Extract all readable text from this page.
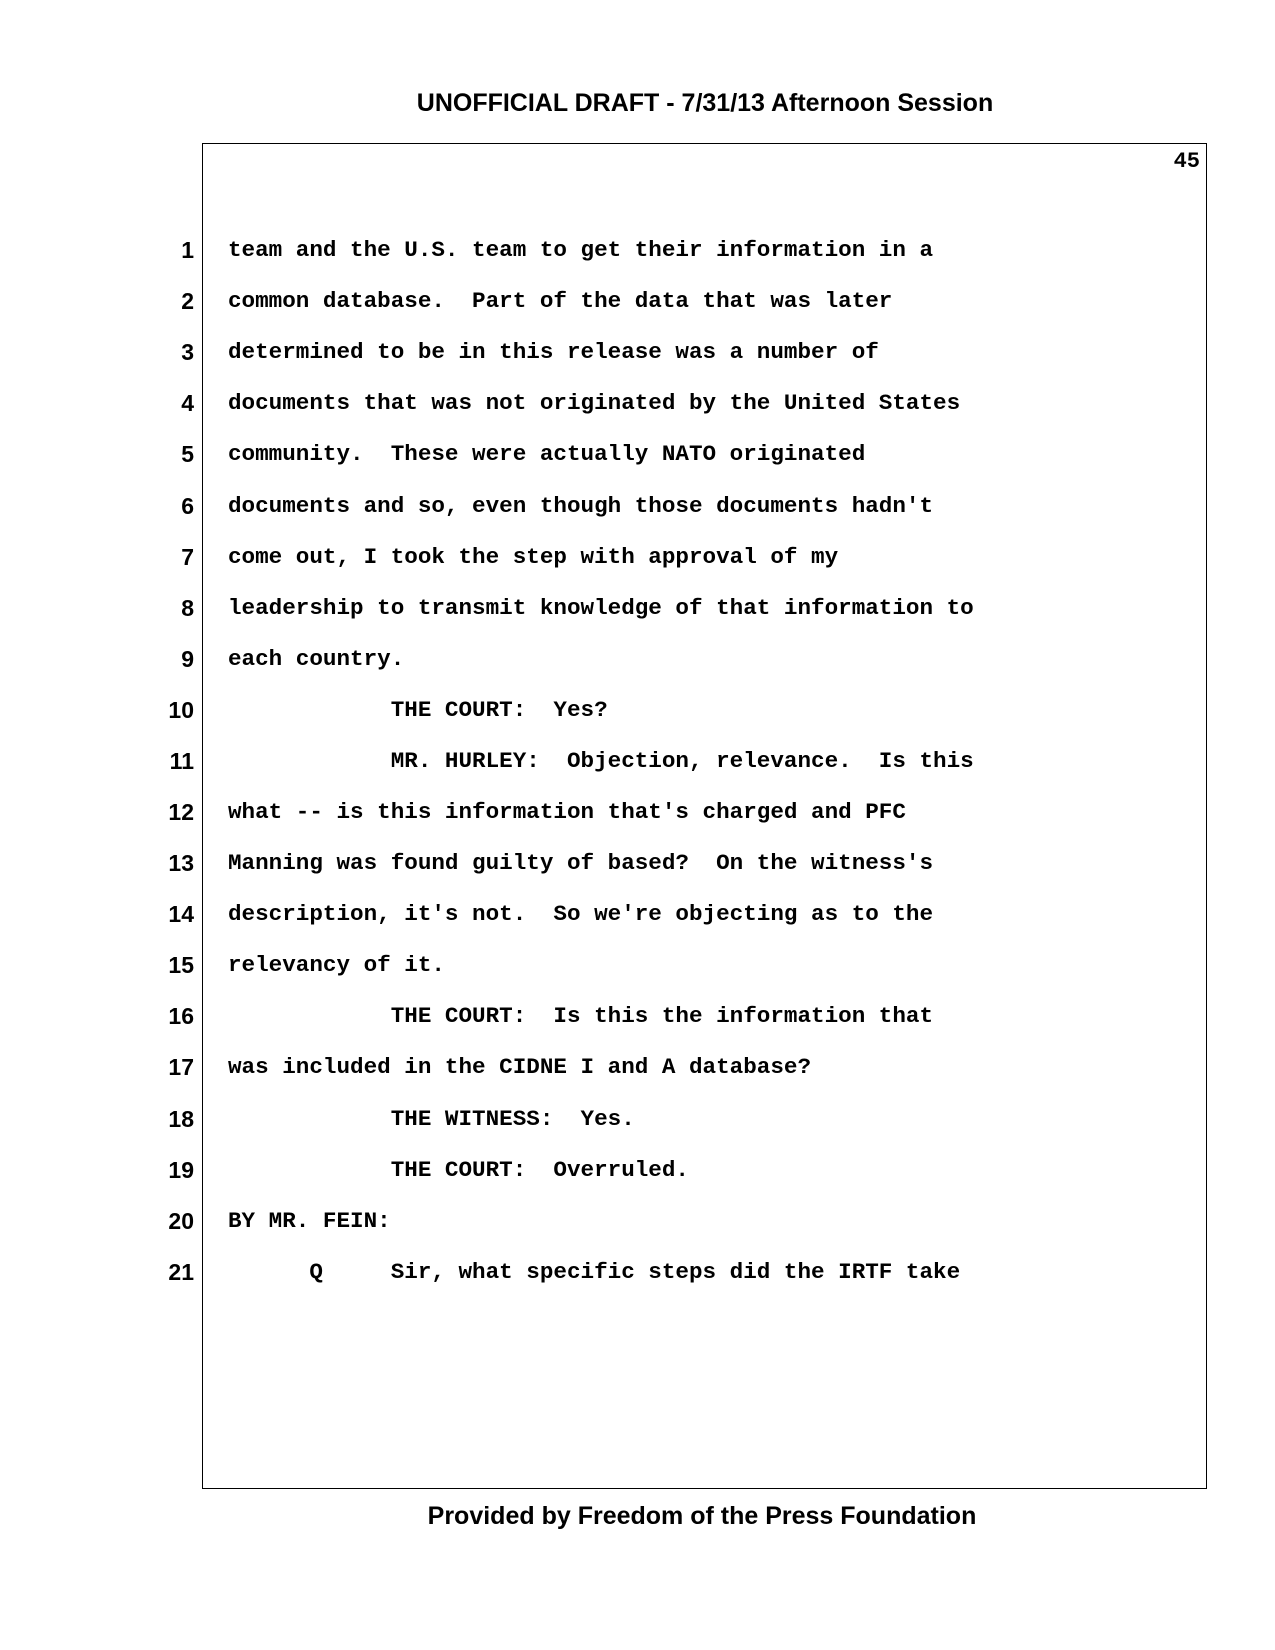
UNOFFICIAL DRAFT - 7/31/13 Afternoon Session
45
1 team and the U.S. team to get their information in a
2 common database.  Part of the data that was later
3 determined to be in this release was a number of
4 documents that was not originated by the United States
5 community.  These were actually NATO originated
6 documents and so, even though those documents hadn't
7 come out, I took the step with approval of my
8 leadership to transmit knowledge of that information to
9 each country.
10 THE COURT:  Yes?
11 MR. HURLEY:  Objection, relevance.  Is this
12 what -- is this information that's charged and PFC
13 Manning was found guilty of based?  On the witness's
14 description, it's not.  So we're objecting as to the
15 relevancy of it.
16 THE COURT:  Is this the information that
17 was included in the CIDNE I and A database?
18 THE WITNESS:  Yes.
19 THE COURT:  Overruled.
20 BY MR. FEIN:
21 Q     Sir, what specific steps did the IRTF take
Provided by Freedom of the Press Foundation
